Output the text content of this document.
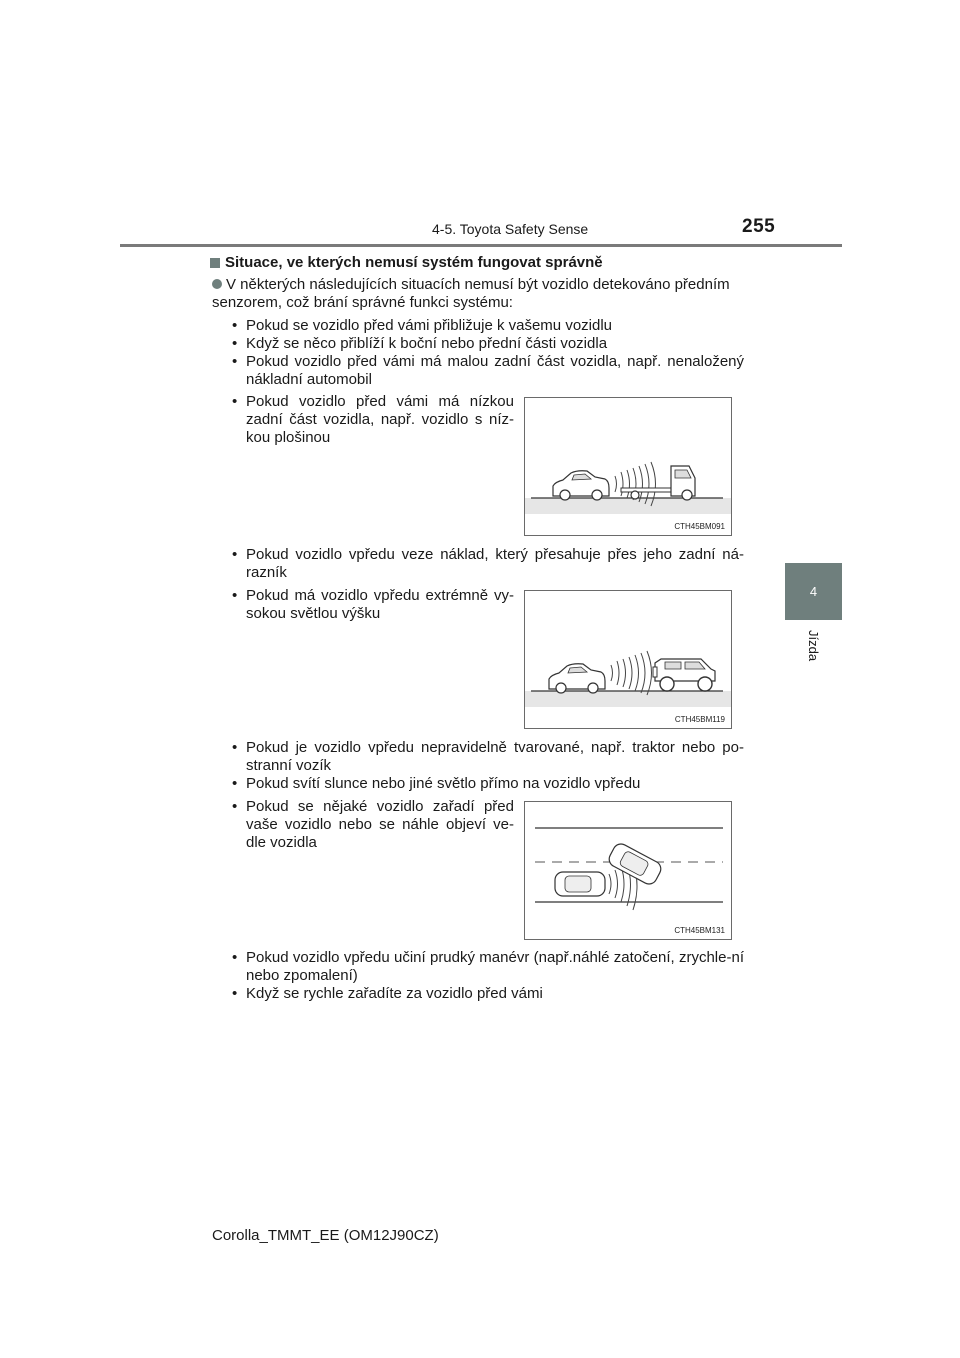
4-5. Toyota Safety Sense	255
4
Jízda
Situace, ve kterých nemusí systém fungovat správně
V některých následujících situacích nemusí být vozidlo detekováno předním senzorem, což brání správné funkci systému:
• Pokud se vozidlo před vámi přibližuje k vašemu vozidlu
• Když se něco přiblíží k boční nebo přední části vozidla
• Pokud vozidlo před vámi má malou zadní část vozidla, např. nenaložený nákladní automobil
• Pokud vozidlo před vámi má nízkou zadní část vozidla, např. vozidlo s níz-kou plošinou
CTH45BM091
• Pokud vozidlo vpředu veze náklad, který přesahuje přes jeho zadní ná-razník
• Pokud má vozidlo vpředu extrémně vy-sokou světlou výšku
CTH45BM119
• Pokud je vozidlo vpředu nepravidelně tvarované, např. traktor nebo po-stranní vozík
• Pokud svítí slunce nebo jiné světlo přímo na vozidlo vpředu
• Pokud se nějaké vozidlo zařadí před vaše vozidlo nebo se náhle objeví ve-dle vozidla
CTH45BM131
• Pokud vozidlo vpředu učiní prudký manévr (např.náhlé zatočení, zrychle-ní nebo zpomalení)
• Když se rychle zařadíte za vozidlo před vámi
Corolla_TMMT_EE (OM12J90CZ)
